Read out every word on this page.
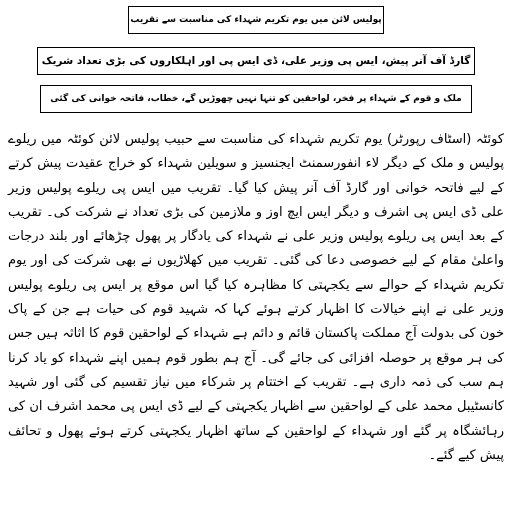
پولیس لائن میں یوم تکریم شہداء کی مناسبت سے تقریب
گارڈ آف آنر پیش، ایس پی وزیر علی، ڈی ایس پی اور اہلکاروں کی بڑی تعداد شریک
ملک و قوم کے شہداء پر فخر، لواحقین کو تنہا نہیں چھوڑیں گے، خطاب، فاتحہ خوانی کی گئی

کوئٹہ (اسٹاف رپورٹر) یوم تکریم شہداء کی مناسبت سے حبیب پولیس لائن کوئٹہ میں ریلوے پولیس و ملک کے دیگر لاء انفورسمنٹ ایجنسیز و سویلین شہداء کو خراج عقیدت پیش کرتے کے لیے فاتحہ خوانی اور گارڈ آف آنر پیش کیا گیا۔ تقریب میں ایس پی ریلوے پولیس وزیر علی ڈی ایس پی اشرف و دیگر ایس ایچ اوز و ملازمین کی بڑی تعداد نے شرکت کی۔ تقریب کے بعد ایس پی ریلوے پولیس وزیر علی نے شہداء کی یادگار پر پھول چڑھائے اور بلند درجات واعلیٰ مقام کے لیے خصوصی دعا کی گئی۔ تقریب میں کھلاڑیوں نے بھی شرکت کی اور یوم تکریم شہداء کے حوالے سے یکجہتی کا مظاہرہ کیا گیا اس موقع پر ایس پی ریلوے پولیس وزیر علی نے اپنے خیالات کا اظہار کرتے ہوئے کہا کہ شہید قوم کی حیات ہے جن کے پاک خون کی بدولت آج مملکت پاکستان قائم و دائم ہے شہداء کے لواحقین قوم کا اثاثہ ہیں جس کی ہر موقع پر حوصلہ افزائی کی جائے گی۔ آج ہم بطور قوم ہمیں اپنے شہداء کو یاد کرنا ہم سب کی ذمہ داری ہے۔ تقریب کے اختتام پر شرکاء میں نیاز تقسیم کی گئی اور شہید کانسٹیبل محمد علی کے لواحقین سے اظہار یکجہتی کے لیے ڈی ایس پی محمد اشرف ان کی رہائشگاہ پر گئے اور شہداء کے لواحقین کے ساتھ اظہار یکجہتی کرتے ہوئے پھول و تحائف پیش کیے گئے۔
